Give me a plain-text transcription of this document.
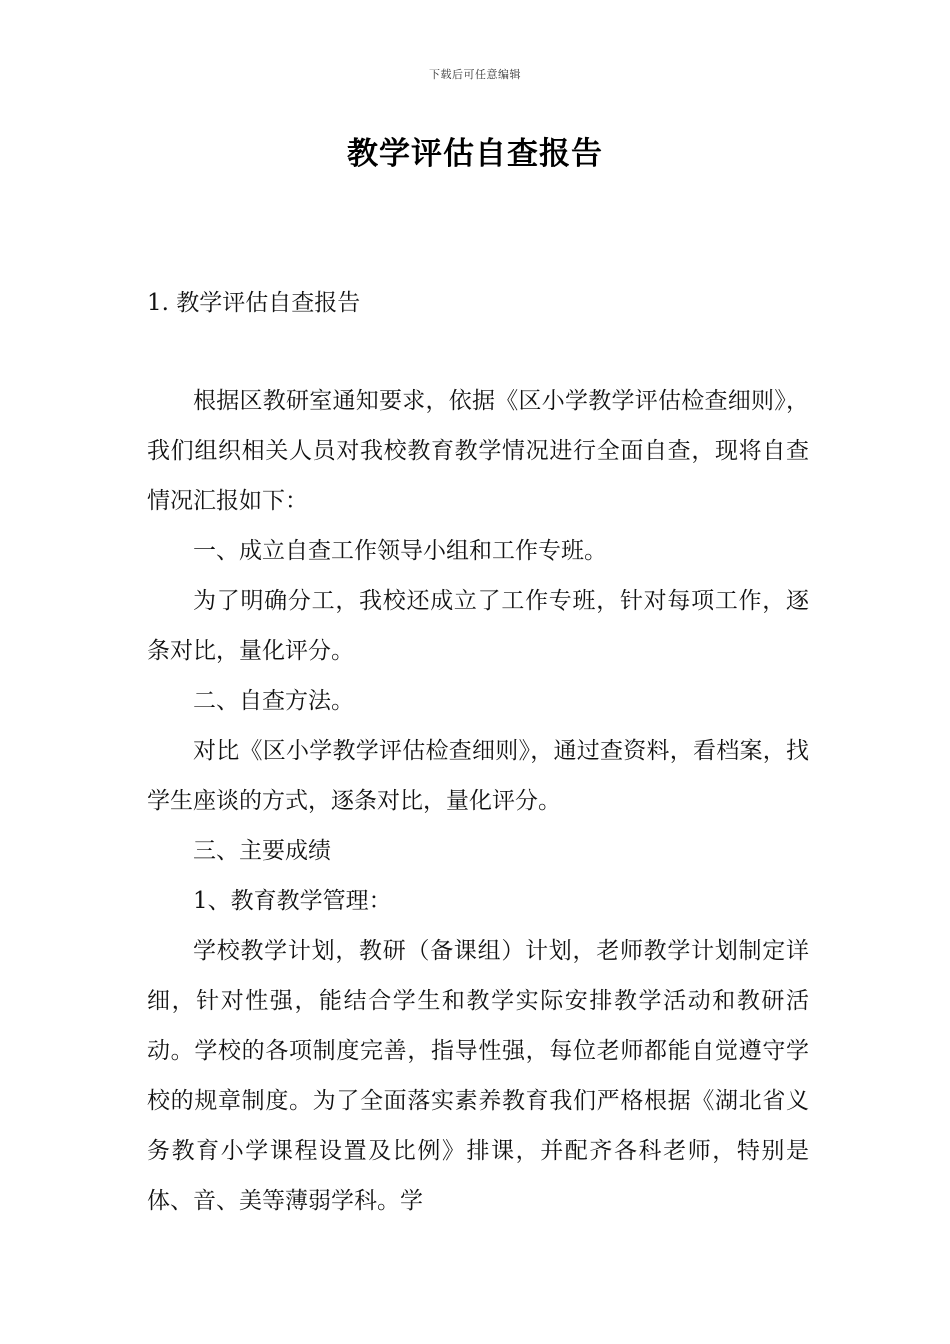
下载后可任意编辑
教学评估自查报告
1. 教学评估自查报告

根据区教研室通知要求，依据《区小学教学评估检查细则》，我们组织相关人员对我校教育教学情况进行全面自查，现将自查情况汇报如下：

一、成立自查工作领导小组和工作专班。

为了明确分工，我校还成立了工作专班，针对每项工作，逐条对比，量化评分。

二、自查方法。

对比《区小学教学评估检查细则》，通过查资料，看档案，找学生座谈的方式，逐条对比，量化评分。

三、主要成绩

1、教育教学管理：

学校教学计划，教研（备课组）计划，老师教学计划制定详细，针对性强，能结合学生和教学实际安排教学活动和教研活动。学校的各项制度完善，指导性强，每位老师都能自觉遵守学校的规章制度。为了全面落实素养教育我们严格根据《湖北省义务教育小学课程设置及比例》排课，并配齐各科老师，特别是体、音、美等薄弱学科。学
